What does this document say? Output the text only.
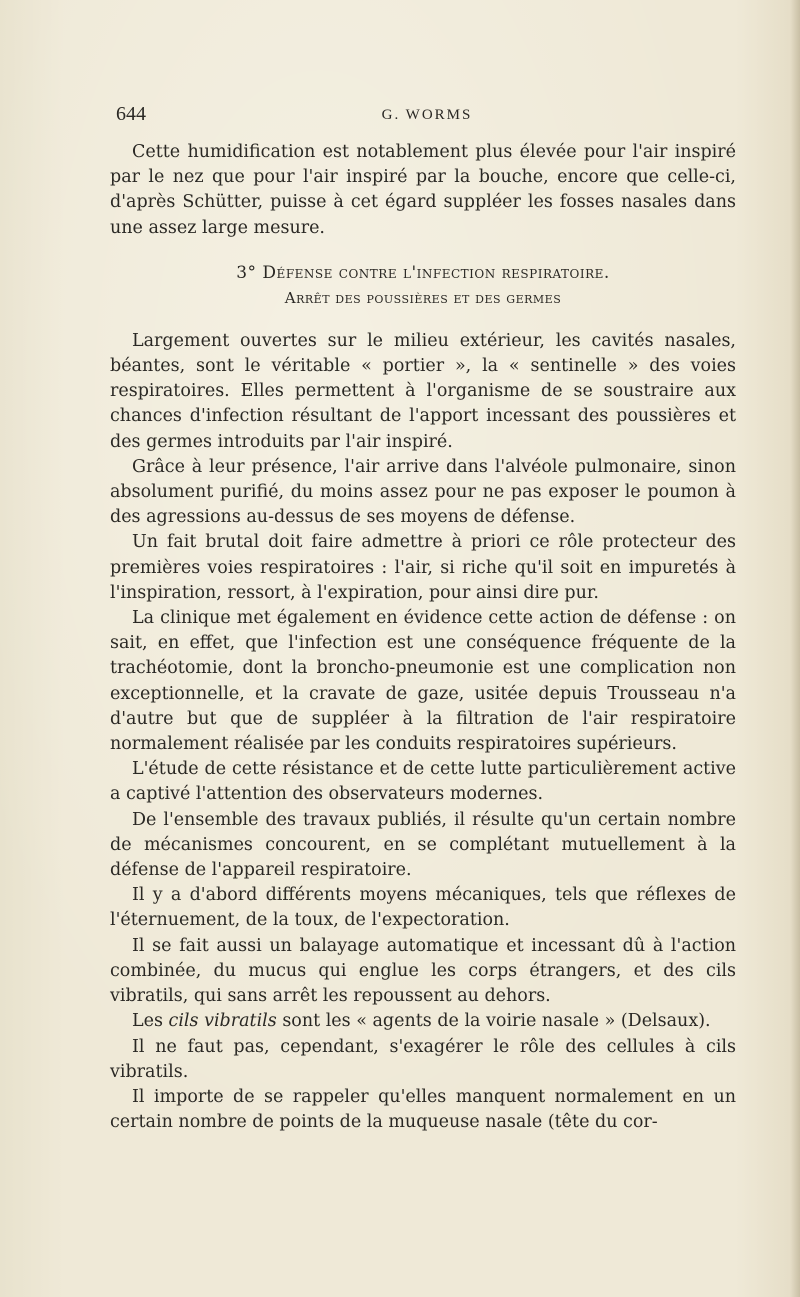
644	G. WORMS

Cette humidification est notablement plus élevée pour l'air inspiré par le nez que pour l'air inspiré par la bouche, encore que celle-ci, d'après Schütter, puisse à cet égard suppléer les fosses nasales dans une assez large mesure.

3° Défense contre l'infection respiratoire.
Arrêt des poussières et des germes

Largement ouvertes sur le milieu extérieur, les cavités nasales, béantes, sont le véritable « portier », la « sentinelle » des voies respiratoires. Elles permettent à l'organisme de se soustraire aux chances d'infection résultant de l'apport incessant des poussières et des germes introduits par l'air inspiré.

Grâce à leur présence, l'air arrive dans l'alvéole pulmonaire, sinon absolument purifié, du moins assez pour ne pas exposer le poumon à des agressions au-dessus de ses moyens de défense.

Un fait brutal doit faire admettre à priori ce rôle protecteur des premières voies respiratoires : l'air, si riche qu'il soit en impuretés à l'inspiration, ressort, à l'expiration, pour ainsi dire pur.

La clinique met également en évidence cette action de défense : on sait, en effet, que l'infection est une conséquence fréquente de la trachéotomie, dont la broncho-pneumonie est une complication non exceptionnelle, et la cravate de gaze, usitée depuis Trousseau n'a d'autre but que de suppléer à la filtration de l'air respiratoire normalement réalisée par les conduits respiratoires supérieurs.

L'étude de cette résistance et de cette lutte particulièrement active a captivé l'attention des observateurs modernes.

De l'ensemble des travaux publiés, il résulte qu'un certain nombre de mécanismes concourent, en se complétant mutuellement à la défense de l'appareil respiratoire.

Il y a d'abord différents moyens mécaniques, tels que réflexes de l'éternuement, de la toux, de l'expectoration.

Il se fait aussi un balayage automatique et incessant dû à l'action combinée, du mucus qui englue les corps étrangers, et des cils vibratils, qui sans arrêt les repoussent au dehors.

Les cils vibratils sont les « agents de la voirie nasale » (Delsaux).

Il ne faut pas, cependant, s'exagérer le rôle des cellules à cils vibratils.

Il importe de se rappeler qu'elles manquent normalement en un certain nombre de points de la muqueuse nasale (tête du cor-
